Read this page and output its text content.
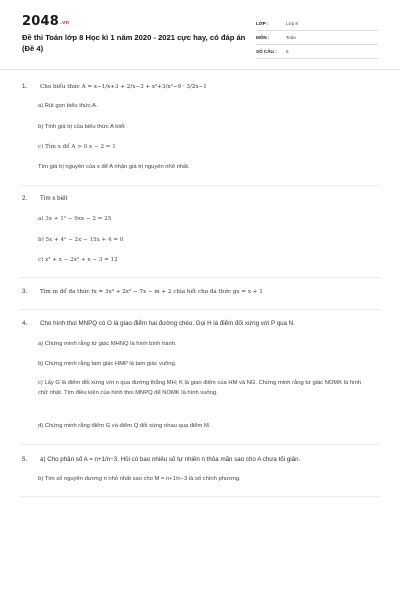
2048.vn
Đề thi Toán lớp 8 Học kì 1 năm 2020 - 2021 cực hay, có đáp án (Đề 4)
LỚP :	Lớp 8
MÔN :	Toán
SỐ CÂU :	5
1. Cho biểu thức A = x−1/x+3 + 2/x−3 + x²+3/x²−9 · 3/2x−1
a) Rút gọn biểu thức A.
b) Tính giá trị của biểu thức A biết
c) Tìm x để A > 0 x − 2 = 1
Tìm giá trị nguyên của x để A nhận giá trị nguyên nhỏ nhất.
2. Tìm x biết
a) 3x + 1² − 9xx − 2 = 25
b) 5x + 4² − 2x − 15x + 4 = 0
c) x³ + x − 2x² + x − 3 = 12
3. Tìm m để đa thức fx = 3x³ + 2x² − 7x − m + 2 chia hết cho đa thức gx = x + 1
4. Cho hình thoi MNPQ có O là giao điểm hai đường chéo. Gọi H là điểm đối xứng với P qua N.
a) Chứng minh rằng tứ giác MHNQ là hình bình hành.
b) Chứng minh rằng tam giác HMP là tam giác vuông.
c) Lấy G là điểm đối xứng với n qua đường thẳng MH; K là giao điểm của HM và NG. Chứng minh rằng tứ giác NOMK là hình chữ nhật. Tìm điều kiện của hình thoi MNPQ để NOMK là hình vuông.
d) Chứng minh rằng điểm G và điểm Q đối xứng nhau qua điểm M.
5. a) Cho phân số A = n+1/n−3. Hỏi có bao nhiêu số tự nhiên n thỏa mãn sao cho A chưa tối giản.
b) Tìm số nguyên dương n nhỏ nhất sao cho M = n+1/n−3 là số chính phương.
